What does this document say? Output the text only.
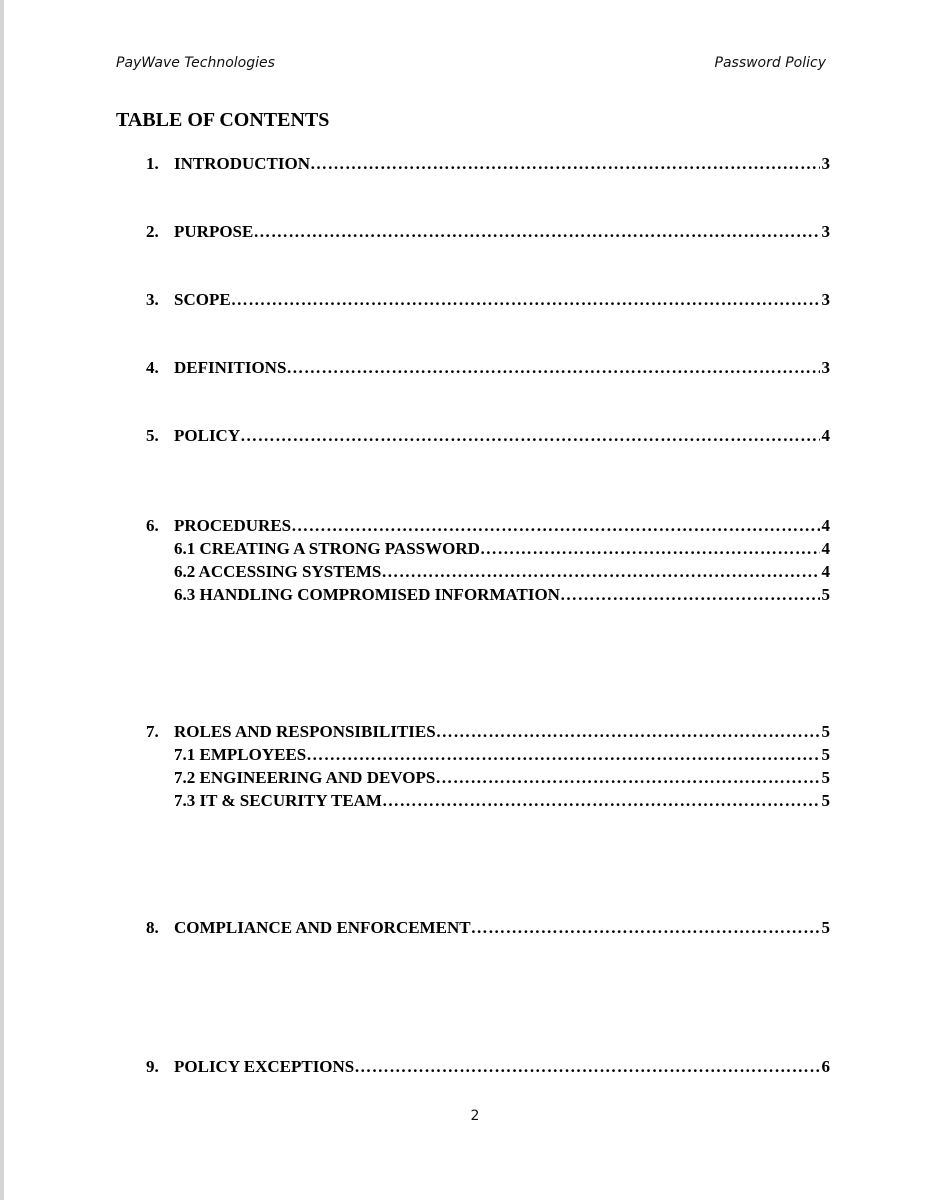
PayWave Technologies	Password Policy
TABLE OF CONTENTS
1. INTRODUCTION …………………………………………………………………………………………………………………………………………	3
2. PURPOSE …………………………………………………………………………………………………………………………………………	3
3. SCOPE …………………………………………………………………………………………………………………………………………	3
4. DEFINITIONS …………………………………………………………………………………………………………………………………………	3
5. POLICY …………………………………………………………………………………………………………………………………………	4
6. PROCEDURES …………………………………………………………………………………………………………………………………………	4
6.1 CREATING A STRONG PASSWORD …………………………………………………………………………………………………………………………………………	4
6.2 ACCESSING SYSTEMS …………………………………………………………………………………………………………………………………………	4
6.3 HANDLING COMPROMISED INFORMATION …………………………………………………………………………………………………………………………………………	5
7. ROLES AND RESPONSIBILITIES …………………………………………………………………………………………………………………………………………	5
7.1 EMPLOYEES …………………………………………………………………………………………………………………………………………	5
7.2 ENGINEERING AND DEVOPS …………………………………………………………………………………………………………………………………………	5
7.3 IT & SECURITY TEAM …………………………………………………………………………………………………………………………………………	5
8. COMPLIANCE AND ENFORCEMENT …………………………………………………………………………………………………………………………………………	5
9. POLICY EXCEPTIONS …………………………………………………………………………………………………………………………………………	6
2
